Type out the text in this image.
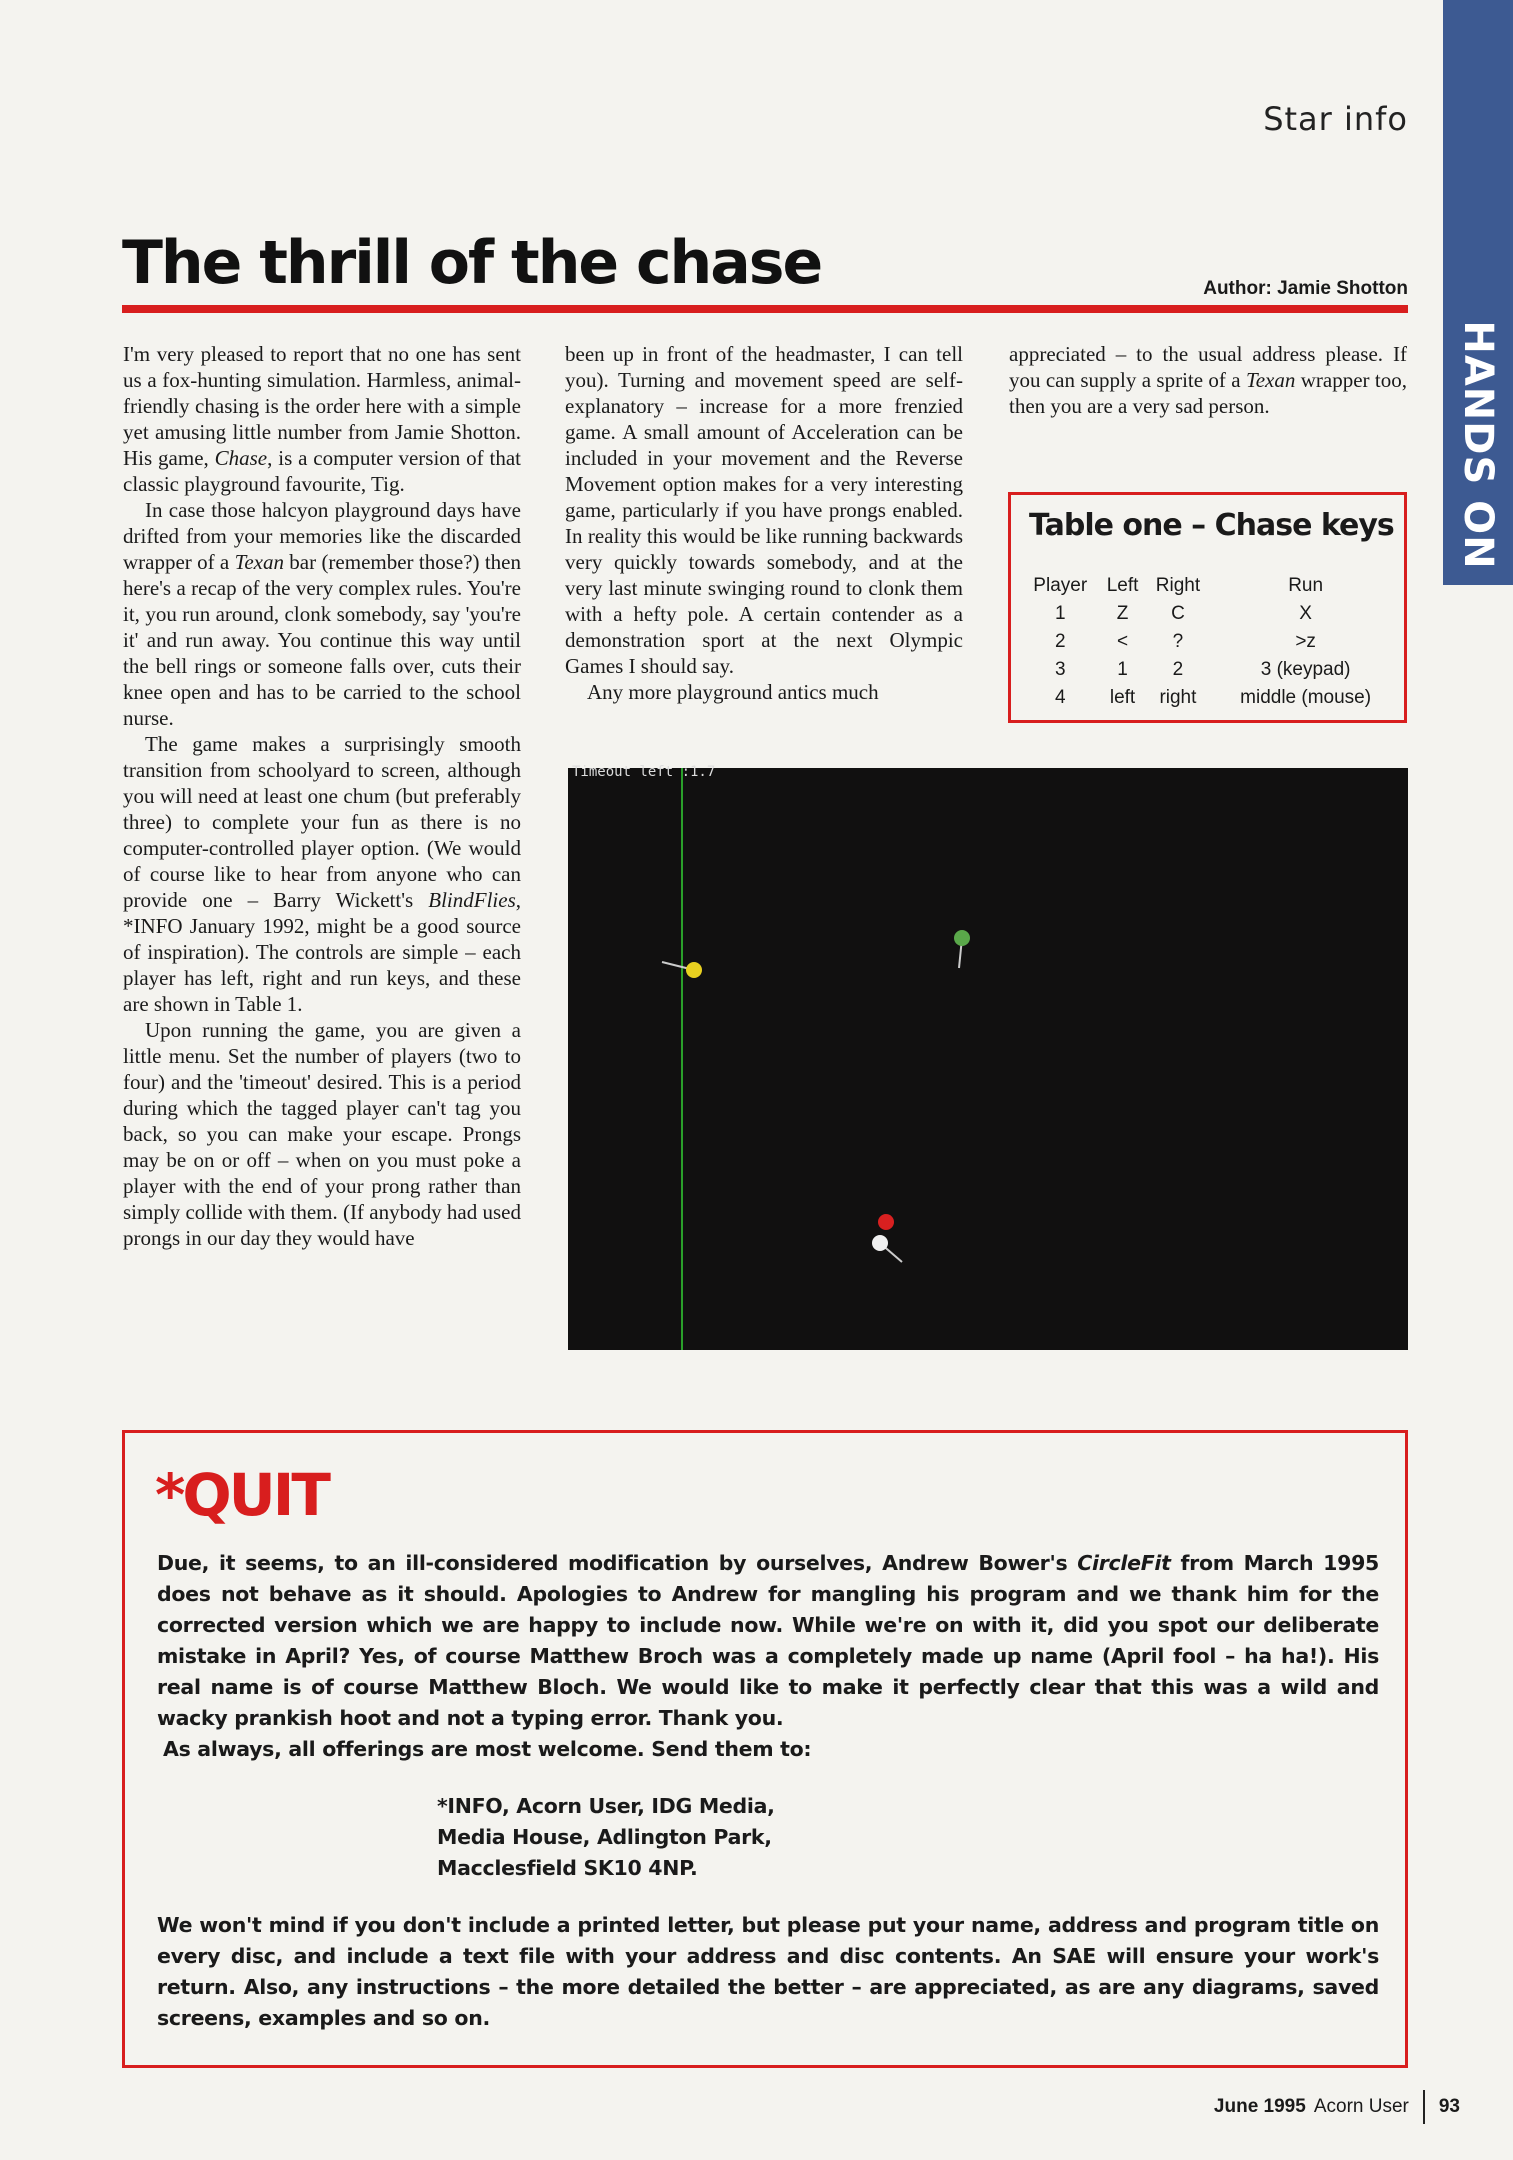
Star info
HANDS ON
The thrill of the chase	Author: Jamie Shotton

I'm very pleased to report that no one has sent us a fox-hunting simulation. Harmless, animal-friendly chasing is the order here with a simple yet amusing little number from Jamie Shotton. His game, Chase, is a computer version of that classic playground favourite, Tig.

In case those halcyon playground days have drifted from your memories like the discarded wrapper of a Texan bar (remember those?) then here's a recap of the very complex rules. You're it, you run around, clonk somebody, say 'you're it' and run away. You continue this way until the bell rings or someone falls over, cuts their knee open and has to be carried to the school nurse.

The game makes a surprisingly smooth transition from schoolyard to screen, although you will need at least one chum (but preferably three) to complete your fun as there is no computer-controlled player option. (We would of course like to hear from anyone who can provide one – Barry Wickett's BlindFlies, *INFO January 1992, might be a good source of inspiration). The controls are simple – each player has left, right and run keys, and these are shown in Table 1.

Upon running the game, you are given a little menu. Set the number of players (two to four) and the 'timeout' desired. This is a period during which the tagged player can't tag you back, so you can make your escape. Prongs may be on or off – when on you must poke a player with the end of your prong rather than simply collide with them. (If anybody had used prongs in our day they would have

been up in front of the headmaster, I can tell you). Turning and movement speed are self-explanatory – increase for a more frenzied game. A small amount of Acceleration can be included in your movement and the Reverse Movement option makes for a very interesting game, particularly if you have prongs enabled. In reality this would be like running backwards very quickly towards somebody, and at the very last minute swinging round to clonk them with a hefty pole. A certain contender as a demonstration sport at the next Olympic Games I should say.

Any more playground antics much

appreciated – to the usual address please. If you can supply a sprite of a Texan wrapper too, then you are a very sad person.

Table one – Chase keys
Player	Left	Right	Run
1	Z	C	X
2	<	?	>z
3	1	2	3 (keypad)
4	left	right	middle (mouse)
Timeout left :1.7
*QUIT

Due, it seems, to an ill-considered modification by ourselves, Andrew Bower's CircleFit from March 1995 does not behave as it should. Apologies to Andrew for mangling his program and we thank him for the corrected version which we are happy to include now. While we're on with it, did you spot our deliberate mistake in April? Yes, of course Matthew Broch was a completely made up name (April fool – ha ha!). His real name is of course Matthew Bloch. We would like to make it perfectly clear that this was a wild and wacky prankish hoot and not a typing error. Thank you.

As always, all offerings are most welcome. Send them to:

*INFO, Acorn User, IDG Media,
Media House, Adlington Park,
Macclesfield SK10 4NP.

We won't mind if you don't include a printed letter, but please put your name, address and program title on every disc, and include a text file with your address and disc contents. An SAE will ensure your work's return. Also, any instructions – the more detailed the better – are appreciated, as are any diagrams, saved screens, examples and so on.

June 1995 Acorn User 93
